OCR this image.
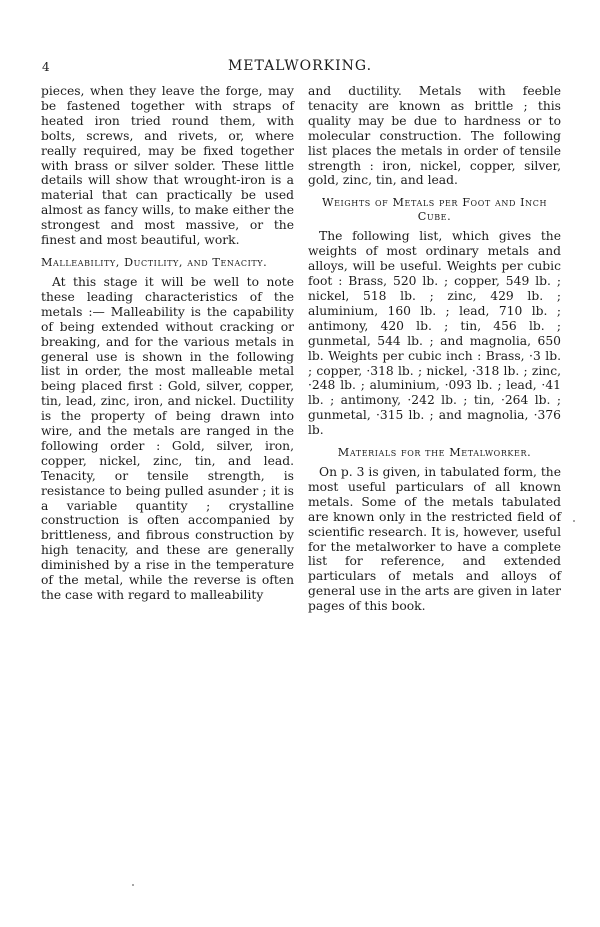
4	METALWORKING.

pieces, when they leave the forge, may be fastened together with straps of heated iron tried round them, with bolts, screws, and rivets, or, where really required, may be fixed together with brass or silver solder. These little details will show that wrought-iron is a material that can practically be used almost as fancy wills, to make either the strongest and most massive, or the finest and most beautiful, work.

Malleability, Ductility, and Tenacity.

At this stage it will be well to note these leading characteristics of the metals :— Malleability is the capability of being extended without cracking or breaking, and for the various metals in general use is shown in the following list in order, the most malleable metal being placed first : Gold, silver, copper, tin, lead, zinc, iron, and nickel. Ductility is the property of being drawn into wire, and the metals are ranged in the following order : Gold, silver, iron, copper, nickel, zinc, tin, and lead. Tenacity, or tensile strength, is resistance to being pulled asunder ; it is a variable quantity ; crystalline construction is often accompanied by brittleness, and fibrous construction by high tenacity, and these are generally diminished by a rise in the temperature of the metal, while the reverse is often the case with regard to malleability

and ductility. Metals with feeble tenacity are known as brittle ; this quality may be due to hardness or to molecular construction. The following list places the metals in order of tensile strength : iron, nickel, copper, silver, gold, zinc, tin, and lead.

Weights of Metals per Foot and Inch Cube.

The following list, which gives the weights of most ordinary metals and alloys, will be useful. Weights per cubic foot : Brass, 520 lb. ; copper, 549 lb. ; nickel, 518 lb. ; zinc, 429 lb. ; aluminium, 160 lb. ; lead, 710 lb. ; antimony, 420 lb. ; tin, 456 lb. ; gunmetal, 544 lb. ; and magnolia, 650 lb. Weights per cubic inch : Brass, ·3 lb. ; copper, ·318 lb. ; nickel, ·318 lb. ; zinc, ·248 lb. ; aluminium, ·093 lb. ; lead, ·41 lb. ; antimony, ·242 lb. ; tin, ·264 lb. ; gunmetal, ·315 lb. ; and magnolia, ·376 lb.

Materials for the Metalworker.

On p. 3 is given, in tabulated form, the most useful particulars of all known metals. Some of the metals tabulated are known only in the restricted field of scientific research. It is, however, useful for the metalworker to have a complete list for reference, and extended particulars of metals and alloys of general use in the arts are given in later pages of this book.
